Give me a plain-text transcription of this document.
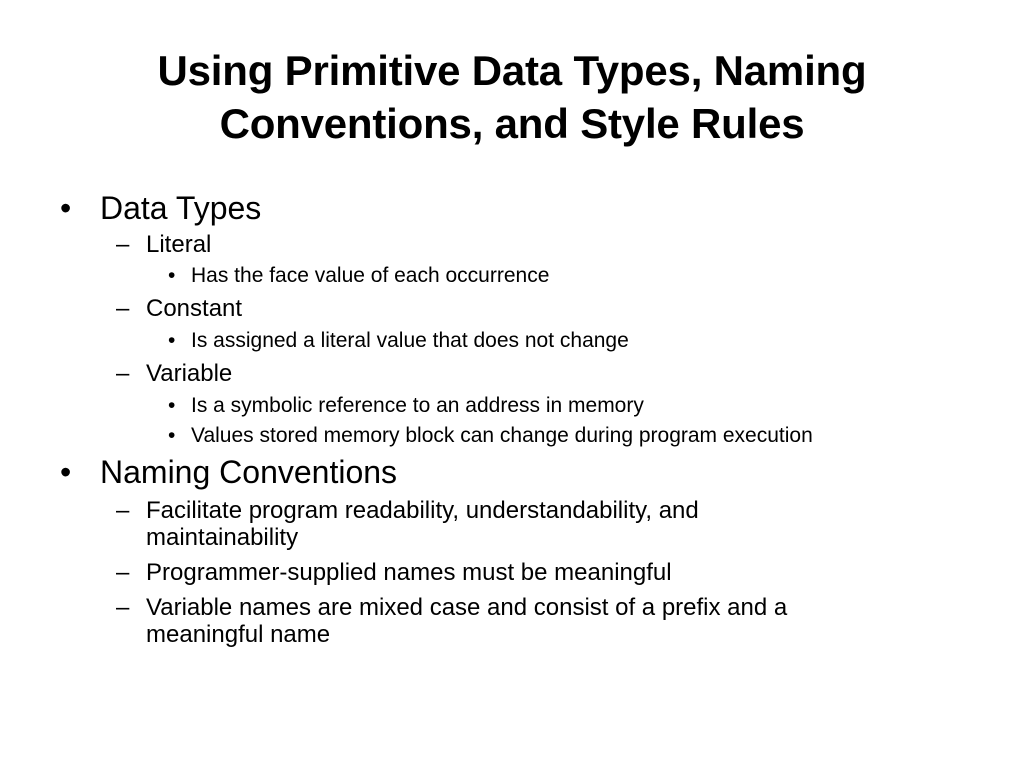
Using Primitive Data Types, Naming
Conventions, and Style Rules
• Data Types
– Literal
• Has the face value of each occurrence
– Constant
• Is assigned a literal value that does not change
– Variable
• Is a symbolic reference to an address in memory
• Values stored memory block can change during program execution
• Naming Conventions
– Facilitate program readability, understandability, and
maintainability
– Programmer-supplied names must be meaningful
– Variable names are mixed case and consist of a prefix and a
meaningful name
